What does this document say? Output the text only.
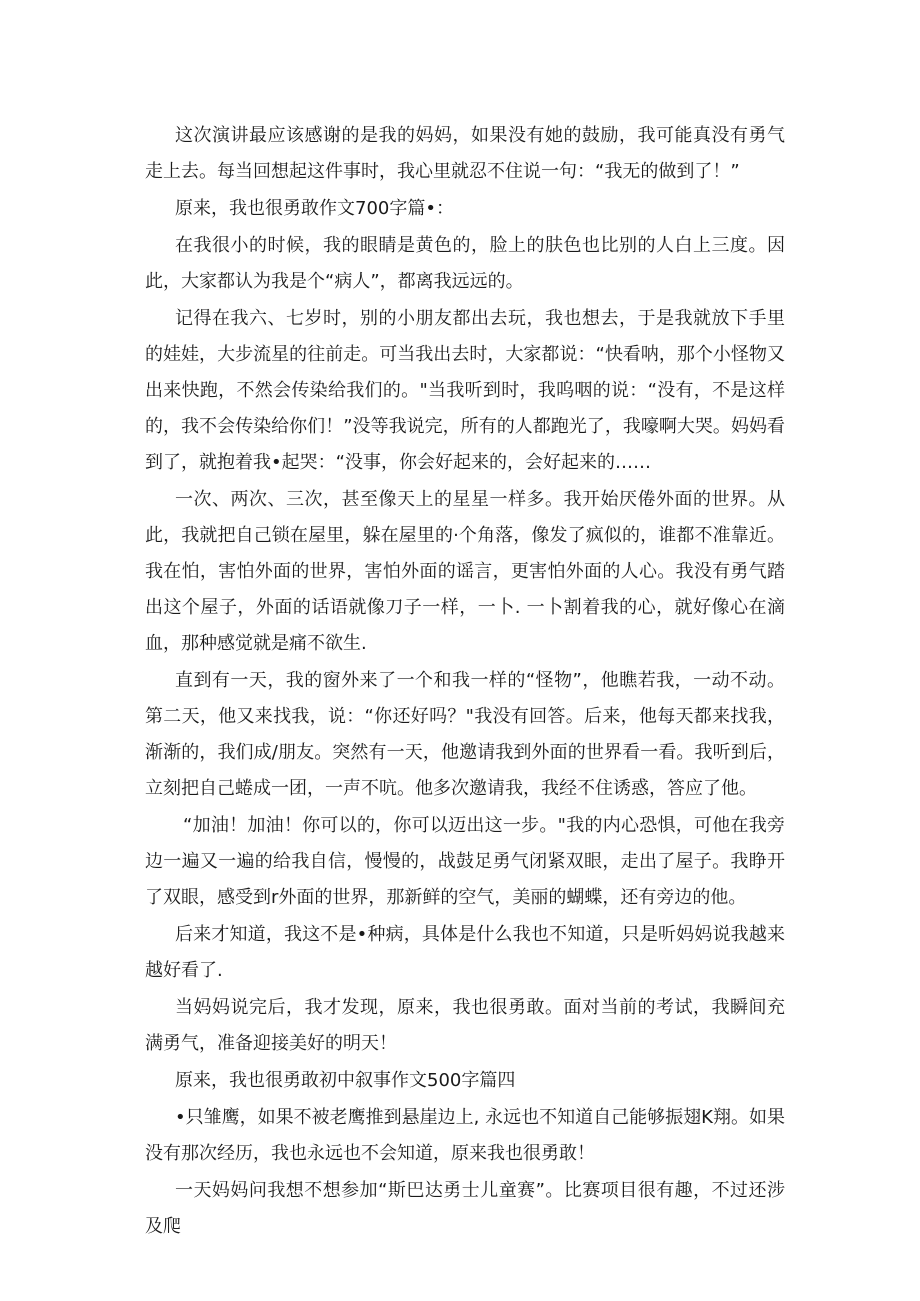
这次演讲最应该感谢的是我的妈妈，如果没有她的鼓励，我可能真没有勇气走上去。每当回想起这件事时，我心里就忍不住说一句：“我无的做到了！”

原来，我也很勇敢作文700字篇•：

在我很小的时候，我的眼睛是黄色的，脸上的肤色也比别的人白上三度。因此，大家都认为我是个“病人”，都离我远远的。

记得在我六、七岁时，别的小朋友都出去玩，我也想去，于是我就放下手里的娃娃，大步流星的往前走。可当我出去时，大家都说：“快看呐，那个小怪物又出来快跑，不然会传染给我们的。"当我听到时，我呜咽的说：“没有，不是这样的，我不会传染给你们！”没等我说完，所有的人都跑光了，我嚎啊大哭。妈妈看到了，就抱着我•起哭：“没事，你会好起来的，会好起来的……

一次、两次、三次，甚至像天上的星星一样多。我开始厌倦外面的世界。从此，我就把自己锁在屋里，躲在屋里的·个角落，像发了疯似的，谁都不准靠近。我在怕，害怕外面的世界，害怕外面的谣言，更害怕外面的人心。我没有勇气踏出这个屋子，外面的话语就像刀子一样，一卜. 一卜割着我的心，就好像心在滴血，那种感觉就是痛不欲生.

直到有一天，我的窗外来了一个和我一样的“怪物”，他瞧若我，一动不动。第二天，他又来找我，说：“你还好吗？"我没有回答。后来，他每天都来找我，渐渐的，我们成/朋友。突然有一天，他邀请我到外面的世界看一看。我听到后，立刻把自己蜷成一团，一声不吭。他多次邀请我，我经不住诱惑，答应了他。

“加油！加油！你可以的，你可以迈出这一步。"我的内心恐惧，可他在我旁边一遍又一遍的给我自信，慢慢的，战鼓足勇气闭紧双眼，走出了屋子。我睁开了双眼，感受到r外面的世界，那新鲜的空气，美丽的蝴蝶，还有旁边的他。

后来才知道，我这不是•种病，具体是什么我也不知道，只是听妈妈说我越来越好看了.

当妈妈说完后，我才发现，原来，我也很勇敢。面对当前的考试，我瞬间充满勇气，准备迎接美好的明天！

原来，我也很勇敢初中叙事作文500字篇四

•只雏鹰，如果不被老鹰推到悬崖边上, 永远也不知道自己能够振翅K翔。如果没有那次经历，我也永远也不会知道，原来我也很勇敢！

一天妈妈问我想不想参加“斯巴达勇士儿童赛”。比赛项目很有趣，不过还涉及爬
